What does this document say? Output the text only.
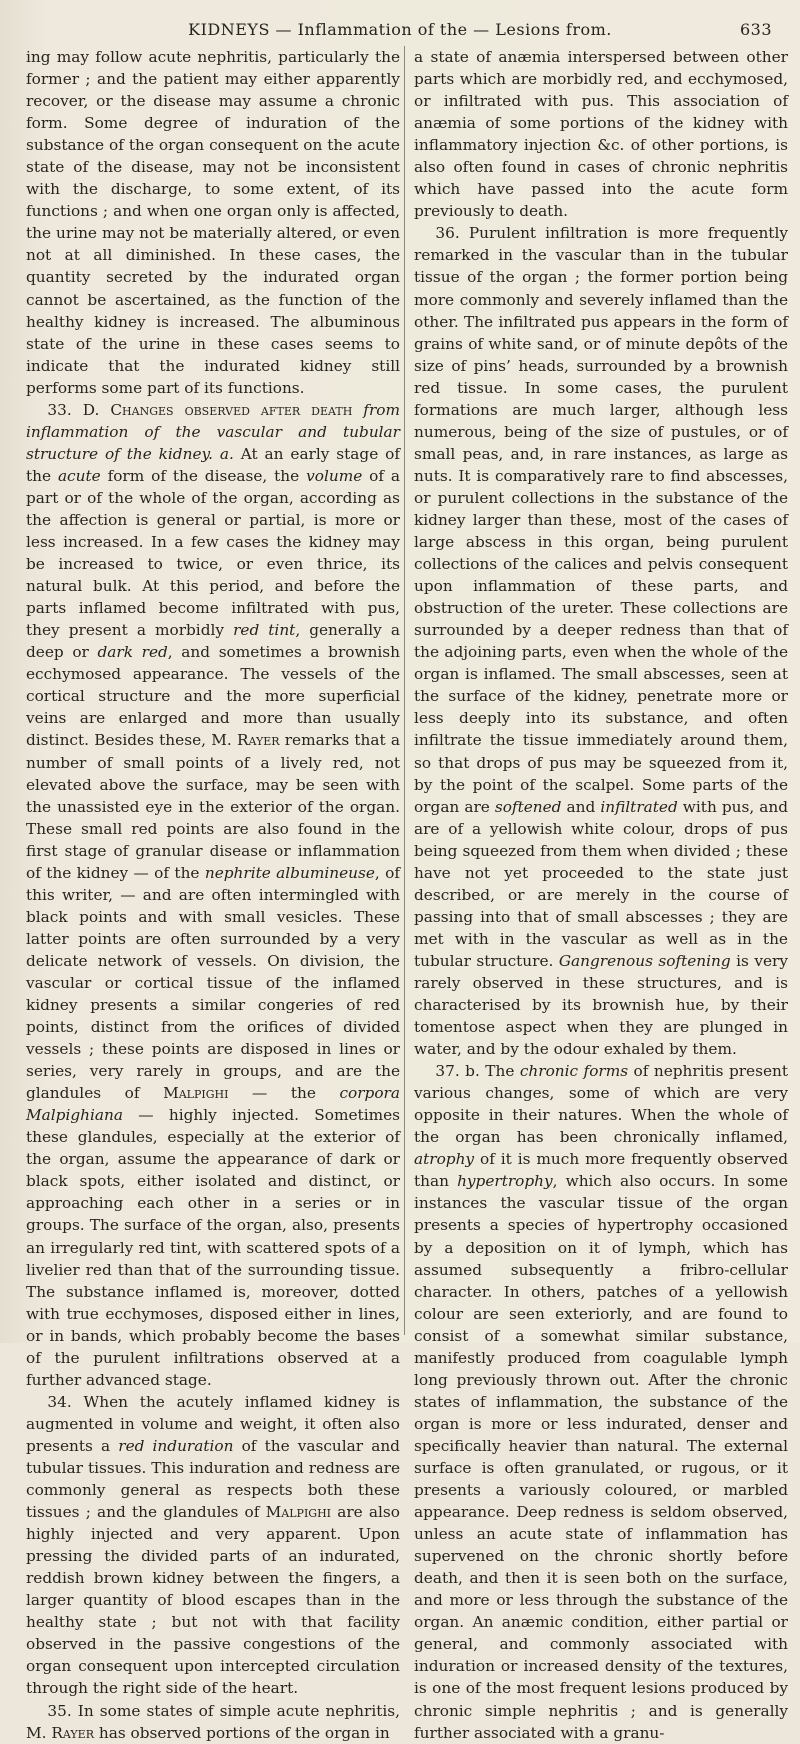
KIDNEYS — Inflammation of the — Lesions from.	633

ing may follow acute nephritis, particularly the former ; and the patient may either apparently recover, or the disease may assume a chronic form. Some degree of induration of the substance of the organ consequent on the acute state of the disease, may not be inconsistent with the discharge, to some extent, of its functions ; and when one organ only is affected, the urine may not be materially altered, or even not at all diminished. In these cases, the quantity secreted by the indurated organ cannot be ascertained, as the function of the healthy kidney is increased. The albuminous state of the urine in these cases seems to indicate that the indurated kidney still performs some part of its functions.

33. D. Changes observed after death from inflammation of the vascular and tubular structure of the kidney. a. At an early stage of the acute form of the disease, the volume of a part or of the whole of the organ, according as the affection is general or partial, is more or less increased. In a few cases the kidney may be increased to twice, or even thrice, its natural bulk. At this period, and before the parts inflamed become infiltrated with pus, they present a morbidly red tint, generally a deep or dark red, and sometimes a brownish ecchymosed appearance. The vessels of the cortical structure and the more superficial veins are enlarged and more than usually distinct. Besides these, M. Rayer remarks that a number of small points of a lively red, not elevated above the surface, may be seen with the unassisted eye in the exterior of the organ. These small red points are also found in the first stage of granular disease or inflammation of the kidney — of the nephrite albumineuse, of this writer, — and are often intermingled with black points and with small vesicles. These latter points are often surrounded by a very delicate network of vessels. On division, the vascular or cortical tissue of the inflamed kidney presents a similar congeries of red points, distinct from the orifices of divided vessels ; these points are disposed in lines or series, very rarely in groups, and are the glandules of Malpighi — the corpora Malpighiana — highly injected. Sometimes these glandules, especially at the exterior of the organ, assume the appearance of dark or black spots, either isolated and distinct, or approaching each other in a series or in groups. The surface of the organ, also, presents an irregularly red tint, with scattered spots of a livelier red than that of the surrounding tissue. The substance inflamed is, moreover, dotted with true ecchymoses, disposed either in lines, or in bands, which probably become the bases of the purulent infiltrations observed at a further advanced stage.

34. When the acutely inflamed kidney is augmented in volume and weight, it often also presents a red induration of the vascular and tubular tissues. This induration and redness are commonly general as respects both these tissues ; and the glandules of Malpighi are also highly injected and very apparent. Upon pressing the divided parts of an indurated, reddish brown kidney between the fingers, a larger quantity of blood escapes than in the healthy state ; but not with that facility observed in the passive congestions of the organ consequent upon intercepted circulation through the right side of the heart.

35. In some states of simple acute nephritis, M. Rayer has observed portions of the organ in

a state of anæmia interspersed between other parts which are morbidly red, and ecchymosed, or infiltrated with pus. This association of anæmia of some portions of the kidney with inflammatory injection &c. of other portions, is also often found in cases of chronic nephritis which have passed into the acute form previously to death.

36. Purulent infiltration is more frequently remarked in the vascular than in the tubular tissue of the organ ; the former portion being more commonly and severely inflamed than the other. The infiltrated pus appears in the form of grains of white sand, or of minute depôts of the size of pins’ heads, surrounded by a brownish red tissue. In some cases, the purulent formations are much larger, although less numerous, being of the size of pustules, or of small peas, and, in rare instances, as large as nuts. It is comparatively rare to find abscesses, or purulent collections in the substance of the kidney larger than these, most of the cases of large abscess in this organ, being purulent collections of the calices and pelvis consequent upon inflammation of these parts, and obstruction of the ureter. These collections are surrounded by a deeper redness than that of the adjoining parts, even when the whole of the organ is inflamed. The small abscesses, seen at the surface of the kidney, penetrate more or less deeply into its substance, and often infiltrate the tissue immediately around them, so that drops of pus may be squeezed from it, by the point of the scalpel. Some parts of the organ are softened and infiltrated with pus, and are of a yellowish white colour, drops of pus being squeezed from them when divided ; these have not yet proceeded to the state just described, or are merely in the course of passing into that of small abscesses ; they are met with in the vascular as well as in the tubular structure. Gangrenous softening is very rarely observed in these structures, and is characterised by its brownish hue, by their tomentose aspect when they are plunged in water, and by the odour exhaled by them.

37. b. The chronic forms of nephritis present various changes, some of which are very opposite in their natures. When the whole of the organ has been chronically inflamed, atrophy of it is much more frequently observed than hypertrophy, which also occurs. In some instances the vascular tissue of the organ presents a species of hypertrophy occasioned by a deposition on it of lymph, which has assumed subsequently a fribro-cellular character. In others, patches of a yellowish colour are seen exteriorly, and are found to consist of a somewhat similar substance, manifestly produced from coagulable lymph long previously thrown out. After the chronic states of inflammation, the substance of the organ is more or less indurated, denser and specifically heavier than natural. The external surface is often granulated, or rugous, or it presents a variously coloured, or marbled appearance. Deep redness is seldom observed, unless an acute state of inflammation has supervened on the chronic shortly before death, and then it is seen both on the surface, and more or less through the substance of the organ. An anæmic condition, either partial or general, and commonly associated with induration or increased density of the textures, is one of the most frequent lesions produced by chronic simple nephritis ; and is generally further associated with a granu-
